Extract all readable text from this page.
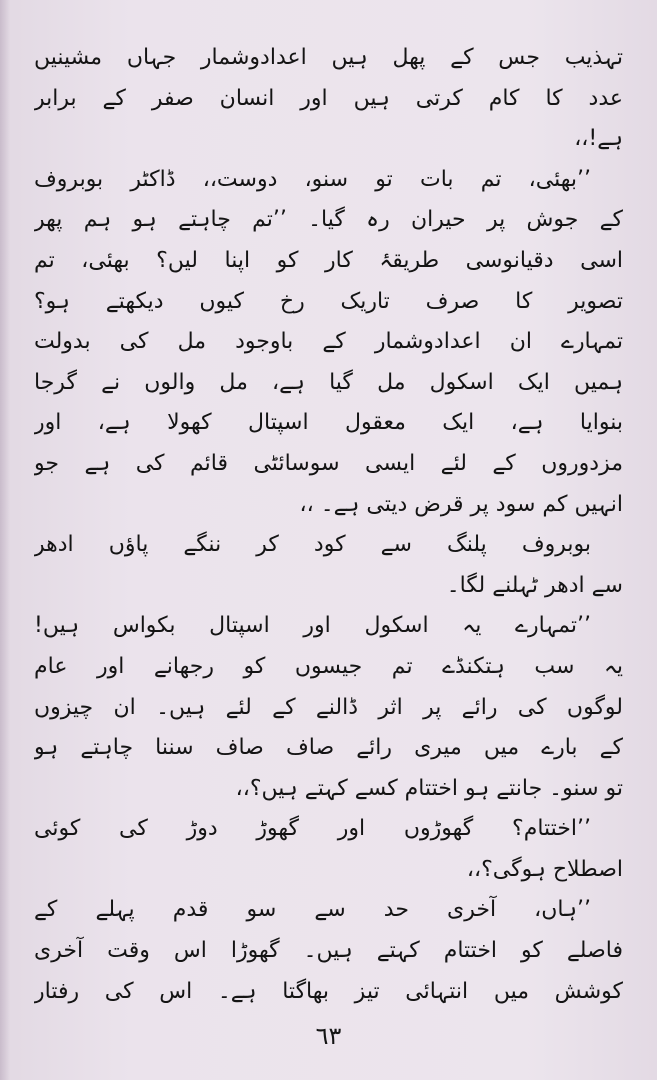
تہذیب جس کے پھل ہیں اعدادوشمار جہاں مشینیں
عدد کا کام کرتی ہیں اور انسان صفر کے برابر
ہے!،،
’’بھئی، تم بات تو سنو، دوست،، ڈاکٹر بوبروف
کے جوش پر حیران رہ گیا۔ ’’تم چاہتے ہو ہم پھر
اسی دقیانوسی طریقۂ کار کو اپنا لیں؟ بھئی، تم
تصویر کا صرف تاریک رخ کیوں دیکھتے ہو؟
تمہارے ان اعدادوشمار کے باوجود مل کی بدولت
ہمیں ایک اسکول مل گیا ہے، مل والوں نے گرجا
بنوایا ہے، ایک معقول اسپتال کھولا ہے، اور
مزدوروں کے لئے ایسی سوسائٹی قائم کی ہے جو
انہیں کم سود پر قرض دیتی ہے۔ ،،
بوبروف پلنگ سے کود کر ننگے پاؤں ادھر
سے ادھر ٹہلنے لگا۔
’’تمہارے یہ اسکول اور اسپتال بکواس ہیں!
یہ سب ہتکنڈے تم جیسوں کو رجھانے اور عام
لوگوں کی رائے پر اثر ڈالنے کے لئے ہیں۔ ان چیزوں
کے بارے میں میری رائے صاف صاف سننا چاہتے ہو
تو سنو۔ جانتے ہو اختتام کسے کہتے ہیں؟،،
’’اختتام؟ گھوڑوں اور گھوڑ دوڑ کی کوئی
اصطلاح ہوگی؟،،
’’ہاں، آخری حد سے سو قدم پہلے کے
فاصلے کو اختتام کہتے ہیں۔ گھوڑا اس وقت آخری
کوشش میں انتہائی تیز بھاگتا ہے۔ اس کی رفتار
٦٣
